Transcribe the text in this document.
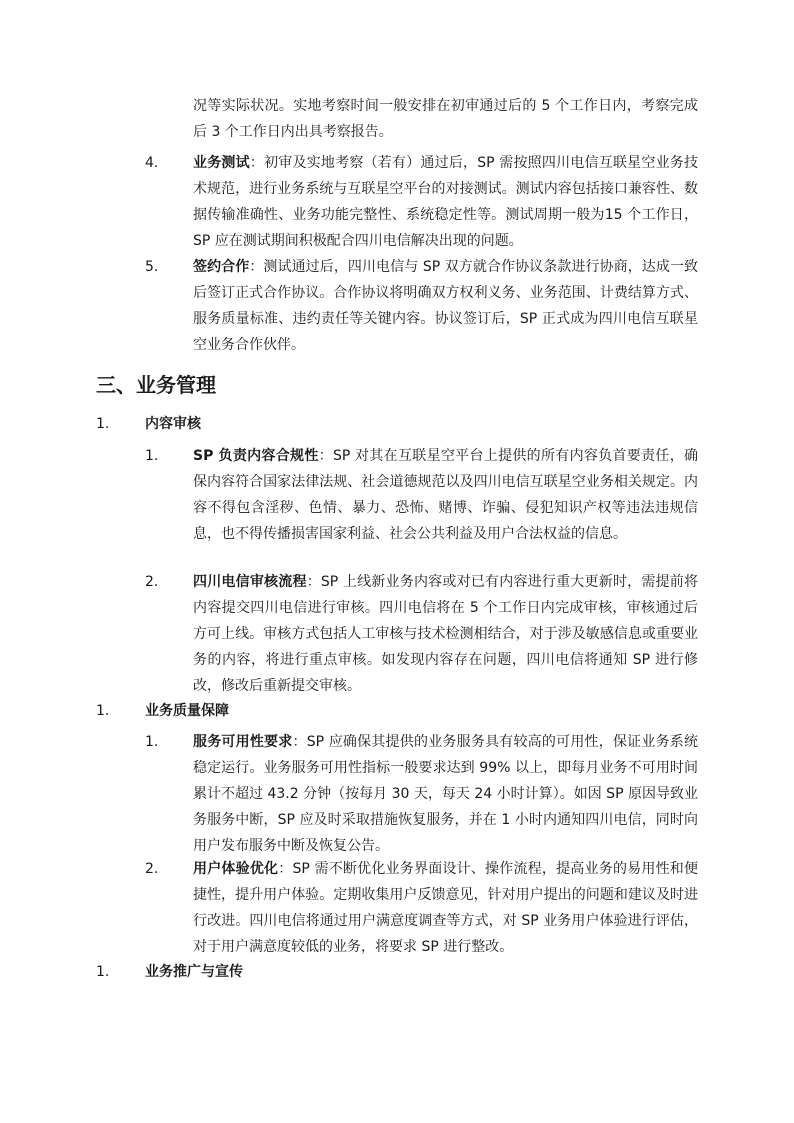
况等实际状况。实地考察时间一般安排在初审通过后的 5 个工作日内，考察完成后 3 个工作日内出具考察报告。
4. 业务测试：初审及实地考察（若有）通过后，SP 需按照四川电信互联星空业务技术规范，进行业务系统与互联星空平台的对接测试。测试内容包括接口兼容性、数据传输准确性、业务功能完整性、系统稳定性等。测试周期一般为15 个工作日，SP 应在测试期间积极配合四川电信解决出现的问题。
5. 签约合作：测试通过后，四川电信与 SP 双方就合作协议条款进行协商，达成一致后签订正式合作协议。合作协议将明确双方权利义务、业务范围、计费结算方式、服务质量标准、违约责任等关键内容。协议签订后，SP 正式成为四川电信互联星空业务合作伙伴。
三、业务管理
1.	内容审核
1. SP 负责内容合规性：SP 对其在互联星空平台上提供的所有内容负首要责任，确保内容符合国家法律法规、社会道德规范以及四川电信互联星空业务相关规定。内容不得包含淫秽、色情、暴力、恐怖、赌博、诈骗、侵犯知识产权等违法违规信息，也不得传播损害国家利益、社会公共利益及用户合法权益的信息。
2. 四川电信审核流程：SP 上线新业务内容或对已有内容进行重大更新时，需提前将内容提交四川电信进行审核。四川电信将在 5 个工作日内完成审核，审核通过后方可上线。审核方式包括人工审核与技术检测相结合，对于涉及敏感信息或重要业务的内容，将进行重点审核。如发现内容存在问题，四川电信将通知 SP 进行修改，修改后重新提交审核。
1.	业务质量保障
1. 服务可用性要求：SP 应确保其提供的业务服务具有较高的可用性，保证业务系统稳定运行。业务服务可用性指标一般要求达到 99% 以上，即每月业务不可用时间累计不超过 43.2 分钟（按每月 30 天，每天 24 小时计算）。如因 SP 原因导致业务服务中断，SP 应及时采取措施恢复服务，并在 1 小时内通知四川电信，同时向用户发布服务中断及恢复公告。
2. 用户体验优化：SP 需不断优化业务界面设计、操作流程，提高业务的易用性和便捷性，提升用户体验。定期收集用户反馈意见，针对用户提出的问题和建议及时进行改进。四川电信将通过用户满意度调查等方式，对 SP 业务用户体验进行评估，对于用户满意度较低的业务，将要求 SP 进行整改。
1.	业务推广与宣传
